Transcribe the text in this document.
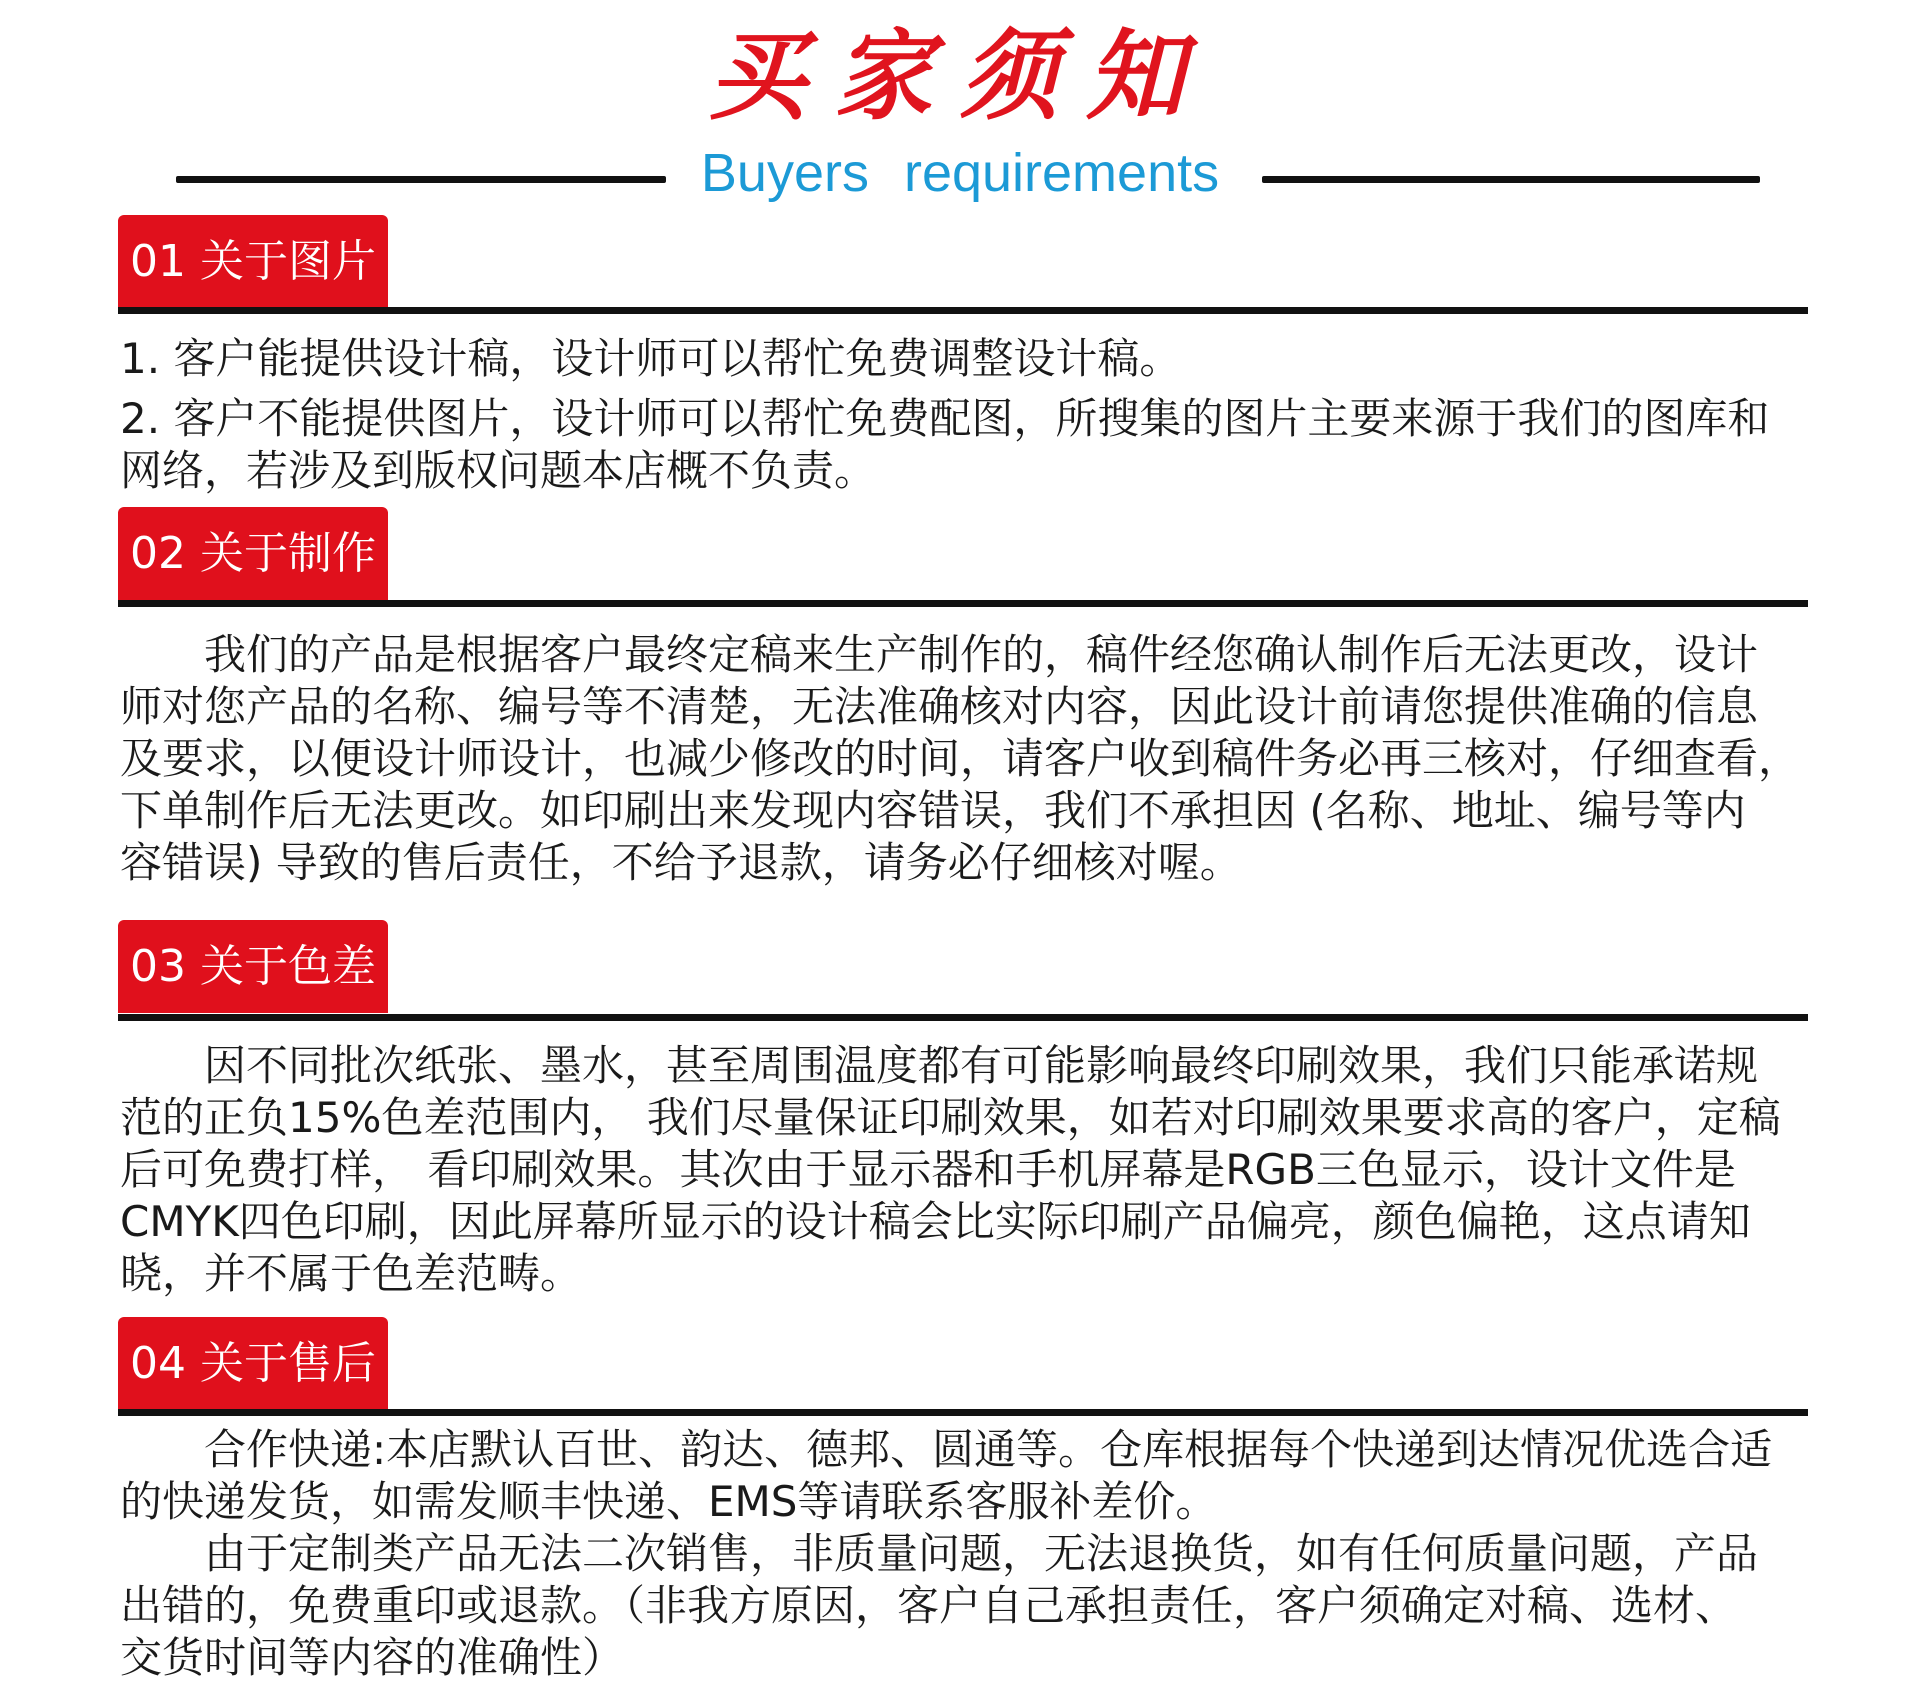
买家须知
Buyers requirements
01 关于图片
1. 客户能提供设计稿，设计师可以帮忙免费调整设计稿。
2. 客户不能提供图片，设计师可以帮忙免费配图，所搜集的图片主要来源于我们的图库和
网络，若涉及到版权问题本店概不负责。
02 关于制作
　　我们的产品是根据客户最终定稿来生产制作的，稿件经您确认制作后无法更改，设计
师对您产品的名称、编号等不清楚，无法准确核对内容，因此设计前请您提供准确的信息
及要求，以便设计师设计，也减少修改的时间，请客户收到稿件务必再三核对，仔细查看，
下单制作后无法更改。如印刷出来发现内容错误，我们不承担因 (名称、地址、编号等内
容错误) 导致的售后责任，不给予退款，请务必仔细核对喔。
03 关于色差
　　因不同批次纸张、墨水，甚至周围温度都有可能影响最终印刷效果，我们只能承诺规
范的正负15%色差范围内， 我们尽量保证印刷效果，如若对印刷效果要求高的客户，定稿
后可免费打样， 看印刷效果。其次由于显示器和手机屏幕是RGB三色显示，设计文件是
CMYK四色印刷，因此屏幕所显示的设计稿会比实际印刷产品偏亮，颜色偏艳，这点请知
晓，并不属于色差范畴。
04 关于售后
　　合作快递:本店默认百世、韵达、德邦、圆通等。仓库根据每个快递到达情况优选合适
的快递发货，如需发顺丰快递、EMS等请联系客服补差价。
　　由于定制类产品无法二次销售，非质量问题，无法退换货，如有任何质量问题，产品
出错的，免费重印或退款。（非我方原因，客户自己承担责任，客户须确定对稿、选材、
交货时间等内容的准确性）
